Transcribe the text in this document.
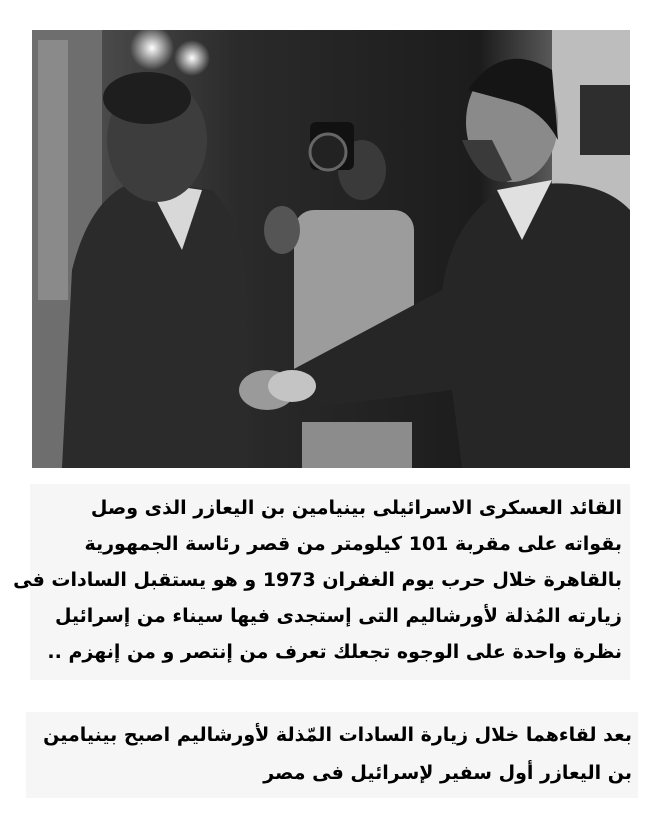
القائد العسكرى الاسرائيلى بينيامين بن اليعازر الذى وصل
بقواته على مقربة 101 كيلومتر من قصر رئاسة الجمهورية
بالقاهرة خلال حرب يوم الغفران 1973 و هو يستقبل السادات فى
زيارته المُذلة لأورشاليم التى إستجدى فيها سيناء من إسرائيل
نظرة واحدة على الوجوه تجعلك تعرف من إنتصر و من إنهزم ..
بعد لقاءهما خلال زيارة السادات المّذلة لأورشاليم اصبح بينيامين
بن اليعازر أول سفير لإسرائيل فى مصر
